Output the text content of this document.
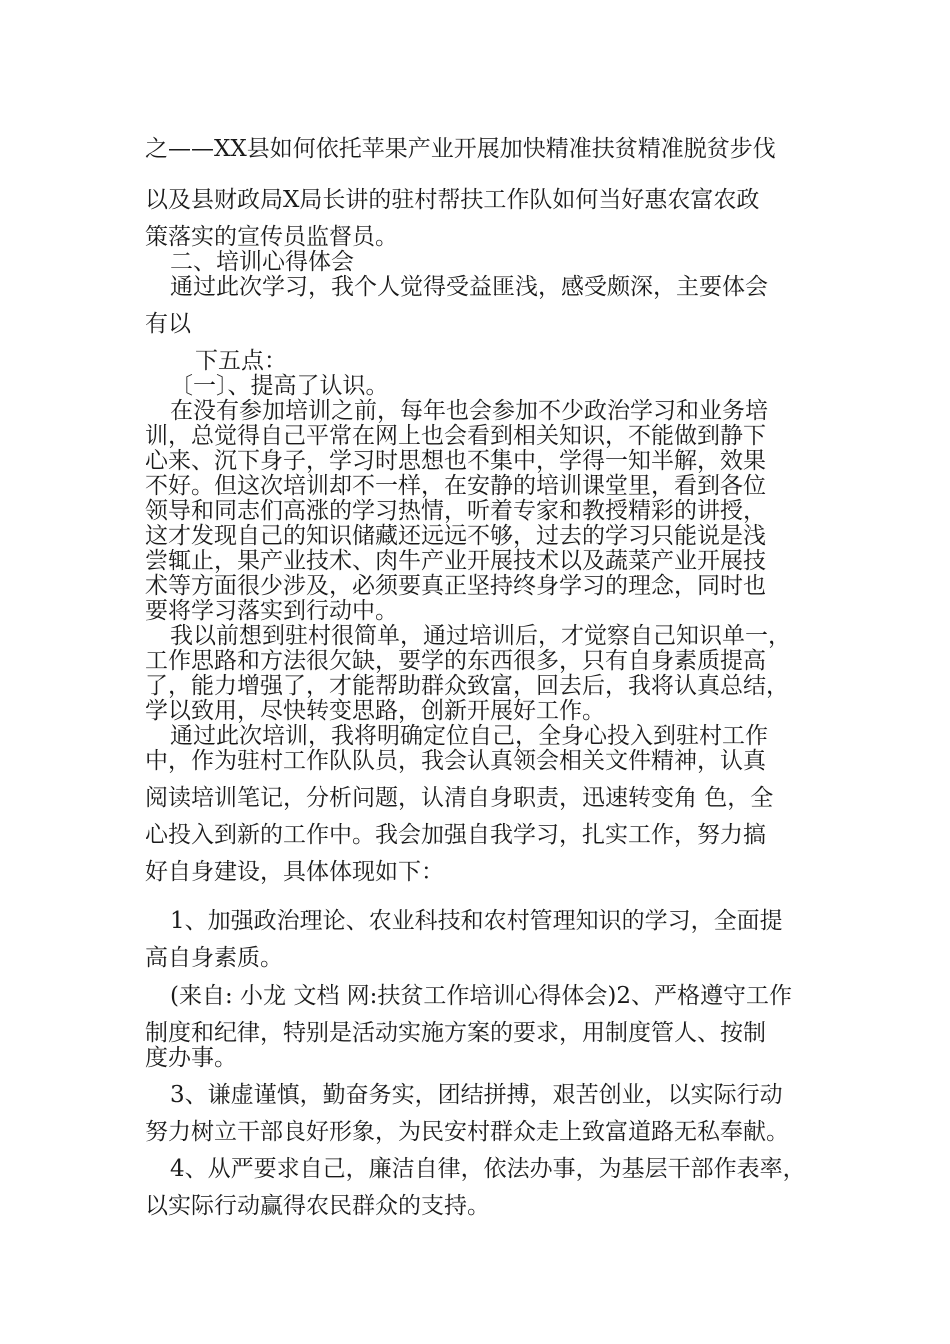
之——XX县如何依托苹果产业开展加快精准扶贫精准脱贫步伐

以及县财政局X局长讲的驻村帮扶工作队如何当好惠农富农政

策落实的宣传员监督员。

二、培训心得体会

通过此次学习，我个人觉得受益匪浅，感受颇深，主要体会

有以

下五点：

〔一〕、提高了认识。

在没有参加培训之前，每年也会参加不少政治学习和业务培

训，总觉得自己平常在网上也会看到相关知识，不能做到静下

心来、沉下身子，学习时思想也不集中，学得一知半解，效果

不好。但这次培训却不一样，在安静的培训课堂里，看到各位

领导和同志们高涨的学习热情，听着专家和教授精彩的讲授，

这才发现自己的知识储藏还远远不够，过去的学习只能说是浅

尝辄止，果产业技术、肉牛产业开展技术以及蔬菜产业开展技

术等方面很少涉及，必须要真正坚持终身学习的理念，同时也

要将学习落实到行动中。

我以前想到驻村很简单，通过培训后，才觉察自己知识单一，

工作思路和方法很欠缺，要学的东西很多，只有自身素质提高

了，能力增强了，才能帮助群众致富，回去后，我将认真总结，

学以致用，尽快转变思路，创新开展好工作。

通过此次培训，我将明确定位自己，全身心投入到驻村工作

中，作为驻村工作队队员，我会认真领会相关文件精神，认真

阅读培训笔记，分析问题，认清自身职责，迅速转变角 色，全

心投入到新的工作中。我会加强自我学习，扎实工作，努力搞

好自身建设，具体体现如下：

1、加强政治理论、农业科技和农村管理知识的学习，全面提

高自身素质。

(来自: 小龙 文档 网:扶贫工作培训心得体会)2、严格遵守工作

制度和纪律，特别是活动实施方案的要求，用制度管人、按制

度办事。

3、谦虚谨慎，勤奋务实，团结拼搏，艰苦创业，以实际行动

努力树立干部良好形象，为民安村群众走上致富道路无私奉献。

4、从严要求自己，廉洁自律，依法办事，为基层干部作表率，

以实际行动赢得农民群众的支持。
